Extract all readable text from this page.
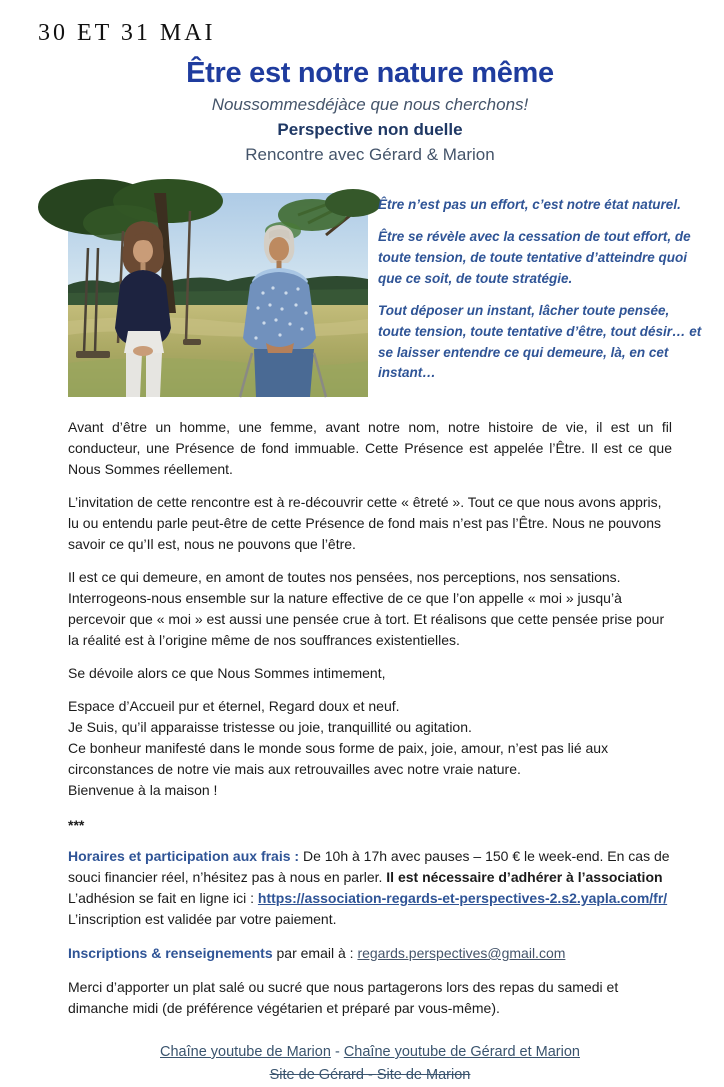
30 ET 31 MAI
Être est notre nature même
Noussommesdéjàce que nous cherchons!
Perspective non duelle
Rencontre avec Gérard & Marion

Être n’est pas un effort, c’est notre état naturel.

Être se révèle avec la cessation de tout effort, de toute tension, de toute tentative d’atteindre quoi que ce soit, de toute stratégie.

Tout déposer un instant, lâcher toute pensée, toute tension, toute tentative d’être, tout désir… et se laisser entendre ce qui demeure, là, en cet instant…

Avant d’être un homme, une femme, avant notre nom, notre histoire de vie, il est un fil conducteur, une Présence de fond immuable. Cette Présence est appelée l’Être. Il est ce que Nous Sommes réellement.

L’invitation de cette rencontre est à re-découvrir cette « êtreté ». Tout ce que nous avons appris, lu ou entendu parle peut-être de cette Présence de fond mais n’est pas l’Être. Nous ne pouvons savoir ce qu’Il est, nous ne pouvons que l’être.

Il est ce qui demeure, en amont de toutes nos pensées, nos perceptions, nos sensations.
Interrogeons-nous ensemble sur la nature effective de ce que l’on appelle « moi » jusqu’à percevoir que « moi » est aussi une pensée crue à tort. Et réalisons que cette pensée prise pour la réalité est à l’origine même de nos souffrances existentielles.

Se dévoile alors ce que Nous Sommes intimement,

Espace d’Accueil pur et éternel, Regard doux et neuf.
Je Suis, qu’il apparaisse tristesse ou joie, tranquillité ou agitation.
Ce bonheur manifesté dans le monde sous forme de paix, joie, amour, n’est pas lié aux circonstances de notre vie mais aux retrouvailles avec notre vraie nature.
Bienvenue à la maison !

***

Horaires et participation aux frais : De 10h à 17h avec pauses – 150 € le week-end. En cas de souci financier réel, n’hésitez pas à nous en parler. Il est nécessaire d’adhérer à l’association L’adhésion se fait en ligne ici : https://association-regards-et-perspectives-2.s2.yapla.com/fr/ L’inscription est validée par votre paiement.

Inscriptions & renseignements par email à : regards.perspectives@gmail.com

Merci d’apporter un plat salé ou sucré que nous partagerons lors des repas du samedi et dimanche midi (de préférence végétarien et préparé par vous-même).

Chaîne youtube de Marion - Chaîne youtube de Gérard et Marion
Site de Gérard - Site de Marion
